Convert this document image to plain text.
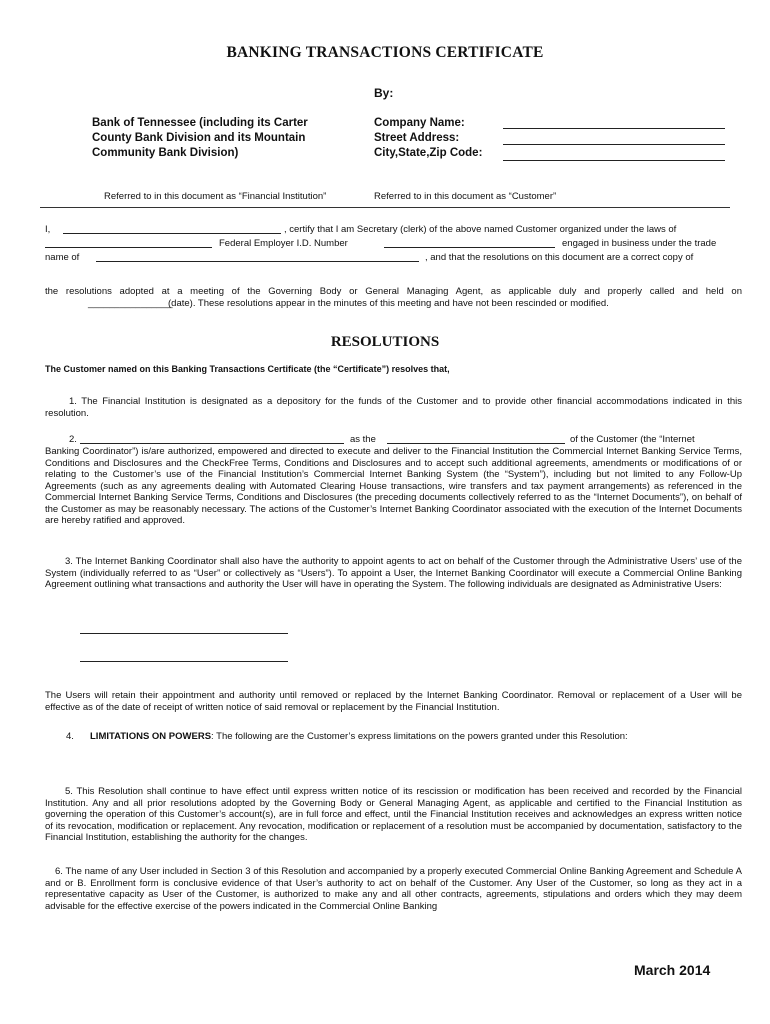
BANKING TRANSACTIONS CERTIFICATE
By:
Bank of Tennessee (including its Carter County Bank Division and its Mountain Community Bank Division)
Company Name:
Street Address:
City,State,Zip Code:
Referred to in this document as “Financial Institution”	Referred to in this document as “Customer”
I,	, certify that I am Secretary (clerk) of the above named Customer organized under the laws of
Federal Employer I.D. Number	engaged in business under the trade
name of	, and that the resolutions on this document are a correct copy of
the resolutions adopted at a meeting of the Governing Body or General Managing Agent, as applicable duly and properly called and held on
________________
(date). These resolutions appear in the minutes of this meeting and have not been rescinded or modified.
RESOLUTIONS
The Customer named on this Banking Transactions Certificate (the “Certificate”) resolves that,
1. The Financial Institution is designated as a depository for the funds of the Customer and to provide other financial accommodations indicated in this resolution.
2.	as the	of the Customer (the “Internet
Banking Coordinator”) is/are authorized, empowered and directed to execute and deliver to the Financial Institution the Commercial Internet Banking Service Terms, Conditions and Disclosures and the CheckFree Terms, Conditions and Disclosures and to accept such additional agreements, amendments or modifications of or relating to the Customer’s use of the Financial Institution’s Commercial Internet Banking System (the “System”), including but not limited to any Follow-Up Agreements (such as any agreements dealing with Automated Clearing House transactions, wire transfers and tax payment arrangements) as referenced in the Commercial Internet Banking Service Terms, Conditions and Disclosures (the preceding documents collectively referred to as the “Internet Documents”), on behalf of the Customer as may be reasonably necessary. The actions of the Customer’s Internet Banking Coordinator associated with the execution of the Internet Documents are hereby ratified and approved.
3. The Internet Banking Coordinator shall also have the authority to appoint agents to act on behalf of the Customer through the Administrative Users’ use of the System (individually referred to as “User” or collectively as “Users”). To appoint a User, the Internet Banking Coordinator will execute a Commercial Online Banking Agreement outlining what transactions and authority the User will have in operating the System. The following individuals are designated as Administrative Users:
The Users will retain their appointment and authority until removed or replaced by the Internet Banking Coordinator. Removal or replacement of a User will be effective as of the date of receipt of written notice of said removal or replacement by the Financial Institution.
4. LIMITATIONS ON POWERS: The following are the Customer’s express limitations on the powers granted under this Resolution:
5. This Resolution shall continue to have effect until express written notice of its rescission or modification has been received and recorded by the Financial Institution. Any and all prior resolutions adopted by the Governing Body or General Managing Agent, as applicable and certified to the Financial Institution as governing the operation of this Customer’s account(s), are in full force and effect, until the Financial Institution receives and acknowledges an express written notice of its revocation, modification or replacement. Any revocation, modification or replacement of a resolution must be accompanied by documentation, satisfactory to the Financial Institution, establishing the authority for the changes.
6. The name of any User included in Section 3 of this Resolution and accompanied by a properly executed Commercial Online Banking Agreement and Schedule A and or B. Enrollment form is conclusive evidence of that User’s authority to act on behalf of the Customer. Any User of the Customer, so long as they act in a representative capacity as User of the Customer, is authorized to make any and all other contracts, agreements, stipulations and orders which they may deem advisable for the effective exercise of the powers indicated in the Commercial Online Banking
March 2014
